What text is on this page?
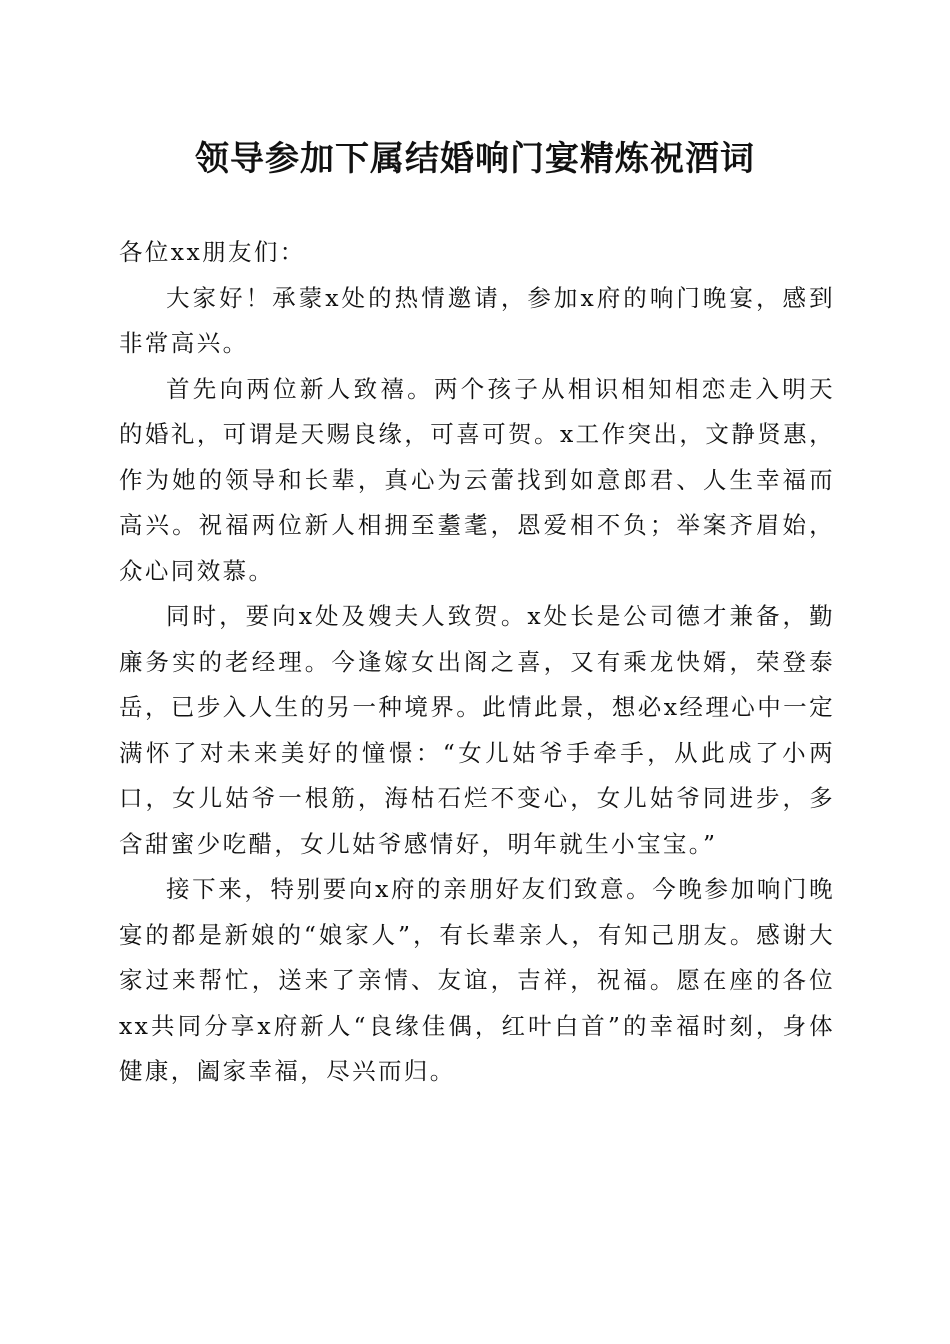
领导参加下属结婚响门宴精炼祝酒词

各位xx朋友们：

大家好！承蒙x处的热情邀请，参加x府的响门晚宴，感到非常高兴。

首先向两位新人致禧。两个孩子从相识相知相恋走入明天的婚礼，可谓是天赐良缘，可喜可贺。x工作突出，文静贤惠，作为她的领导和长辈，真心为云蕾找到如意郎君、人生幸福而高兴。祝福两位新人相拥至耋耄，恩爱相不负；举案齐眉始，众心同效慕。

同时，要向x处及嫂夫人致贺。x处长是公司德才兼备，勤廉务实的老经理。今逢嫁女出阁之喜，又有乘龙快婿，荣登泰岳，已步入人生的另一种境界。此情此景，想必x经理心中一定满怀了对未来美好的憧憬：“女儿姑爷手牵手，从此成了小两口，女儿姑爷一根筋，海枯石烂不变心，女儿姑爷同进步，多含甜蜜少吃醋，女儿姑爷感情好，明年就生小宝宝。”

接下来，特别要向x府的亲朋好友们致意。今晚参加响门晚宴的都是新娘的“娘家人”，有长辈亲人，有知己朋友。感谢大家过来帮忙，送来了亲情、友谊，吉祥，祝福。愿在座的各位xx共同分享x府新人“良缘佳偶，红叶白首”的幸福时刻，身体健康，阖家幸福，尽兴而归。
